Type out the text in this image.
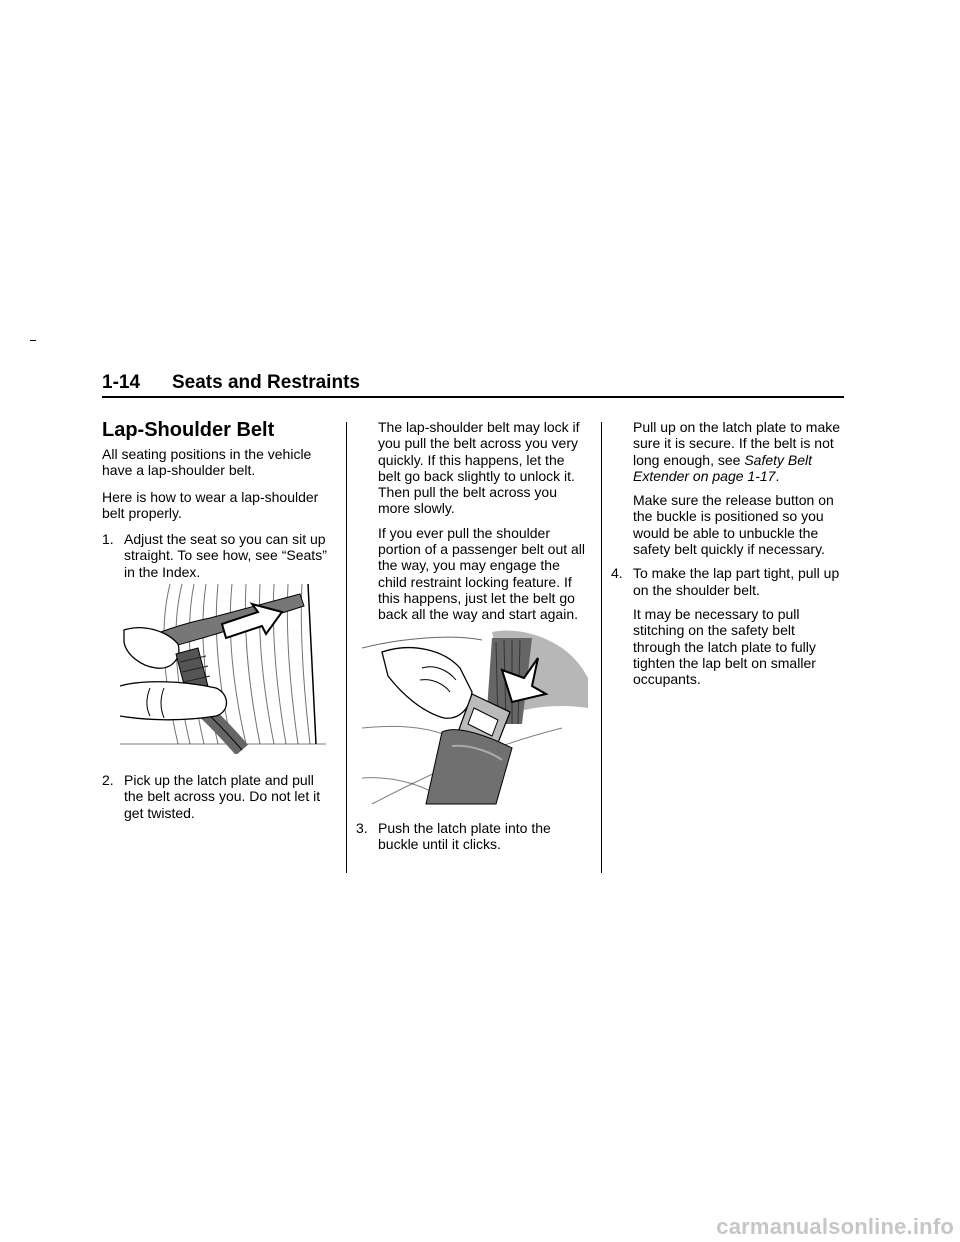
1-14 Seats and Restraints
Lap-Shoulder Belt

All seating positions in the vehicle have a lap-shoulder belt.

Here is how to wear a lap-shoulder belt properly.

1. Adjust the seat so you can sit up straight. To see how, see “Seats” in the Index.

2. Pick up the latch plate and pull the belt across you. Do not let it get twisted.

The lap-shoulder belt may lock if you pull the belt across you very quickly. If this happens, let the belt go back slightly to unlock it. Then pull the belt across you more slowly.

If you ever pull the shoulder portion of a passenger belt out all the way, you may engage the child restraint locking feature. If this happens, just let the belt go back all the way and start again.

3. Push the latch plate into the buckle until it clicks.

Pull up on the latch plate to make sure it is secure. If the belt is not long enough, see Safety Belt Extender on page 1-17.

Make sure the release button on the buckle is positioned so you would be able to unbuckle the safety belt quickly if necessary.

4. To make the lap part tight, pull up on the shoulder belt.

It may be necessary to pull stitching on the safety belt through the latch plate to fully tighten the lap belt on smaller occupants.

carmanualsonline.info
